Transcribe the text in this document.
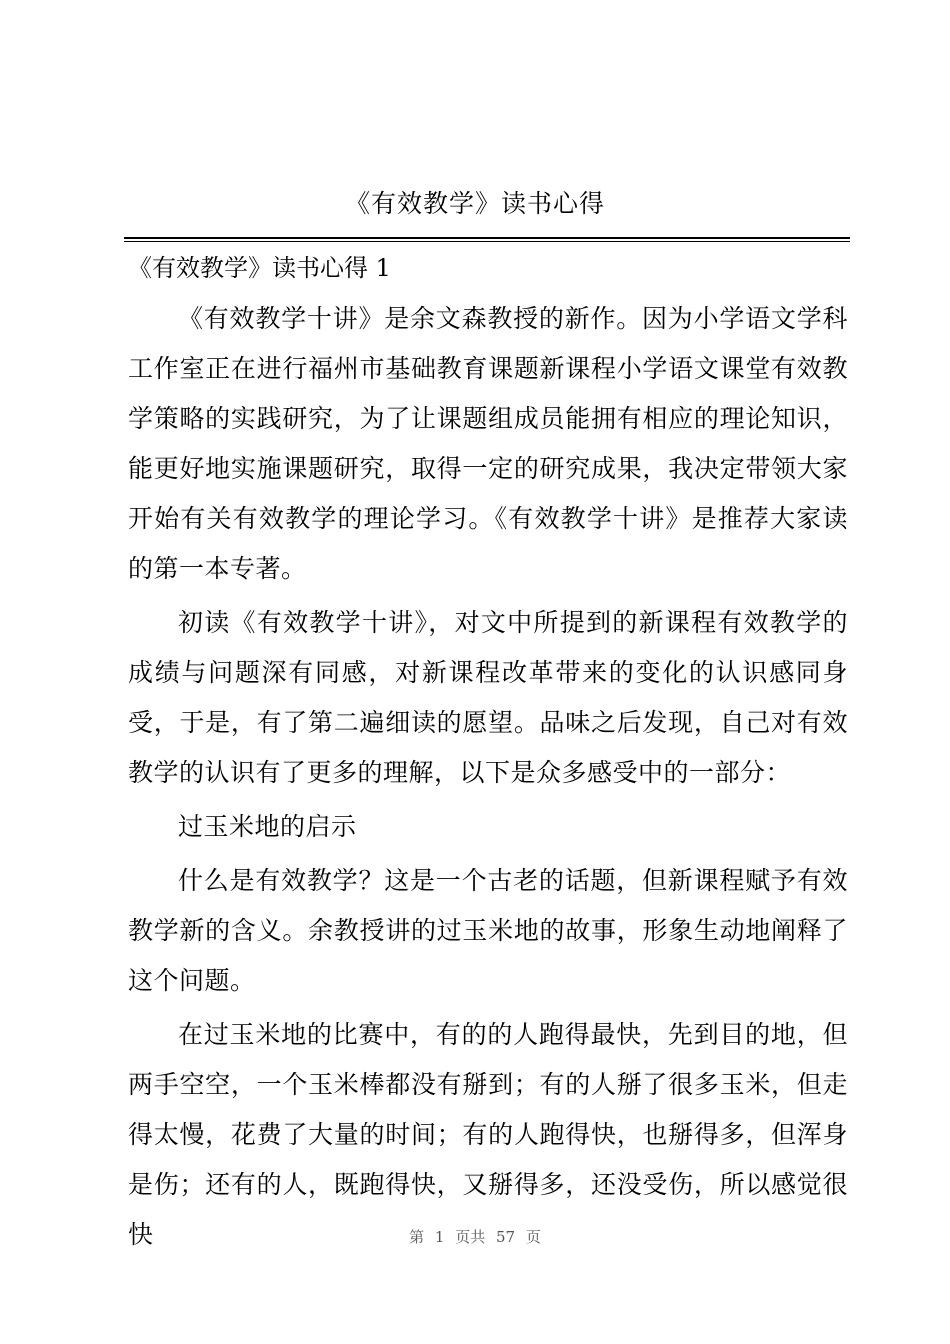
《有效教学》读书心得
《有效教学》读书心得 1

《有效教学十讲》是余文森教授的新作。因为小学语文学科工作室正在进行福州市基础教育课题新课程小学语文课堂有效教学策略的实践研究，为了让课题组成员能拥有相应的理论知识，能更好地实施课题研究，取得一定的研究成果，我决定带领大家开始有关有效教学的理论学习。《有效教学十讲》是推荐大家读的第一本专著。

初读《有效教学十讲》，对文中所提到的新课程有效教学的成绩与问题深有同感，对新课程改革带来的变化的认识感同身受，于是，有了第二遍细读的愿望。品味之后发现，自己对有效教学的认识有了更多的理解，以下是众多感受中的一部分：

过玉米地的启示

什么是有效教学？这是一个古老的话题，但新课程赋予有效教学新的含义。余教授讲的过玉米地的故事，形象生动地阐释了这个问题。

在过玉米地的比赛中，有的的人跑得最快，先到目的地，但两手空空，一个玉米棒都没有掰到；有的人掰了很多玉米，但走得太慢，花费了大量的时间；有的人跑得快，也掰得多，但浑身是伤；还有的人，既跑得快，又掰得多，还没受伤，所以感觉很快	第 1 页共 57 页
